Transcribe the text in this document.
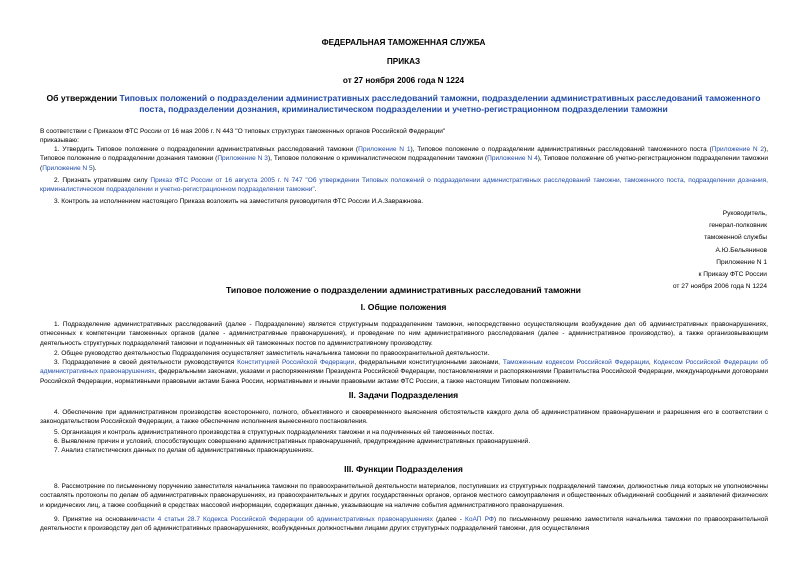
ФЕДЕРАЛЬНАЯ ТАМОЖЕННАЯ СЛУЖБА
ПРИКАЗ
от 27 ноября 2006 года N 1224
Об утверждении Типовых положений о подразделении административных расследований таможни, подразделении административных расследований таможенного поста, подразделении дознания, криминалистическом подразделении и учетно-регистрационном подразделении таможни
В соответствии с Приказом ФТС России от 16 мая 2006 г. N 443 "О типовых структурах таможенных органов Российской Федерации"
приказываю:
1. Утвердить Типовое положение о подразделении административных расследований таможни (Приложение N 1), Типовое положение о подразделении административных расследований таможенного поста (Приложение N 2), Типовое положение о подразделении дознания таможни (Приложение N 3), Типовое положение о криминалистическом подразделении таможни (Приложение N 4), Типовое положение об учетно-регистрационном подразделении таможни (Приложение N 5).
2. Признать утратившим силу Приказ ФТС России от 16 августа 2005 г. N 747 "Об утверждении Типовых положений о подразделении административных расследований таможни, таможенного поста, подразделении дознания, криминалистическом подразделении и учетно-регистрационном подразделении таможни".
3. Контроль за исполнением настоящего Приказа возложить на заместителя руководителя ФТС России И.А.Завражнова.
Руководитель,
генерал-полковник
таможенной службы
А.Ю.Бельянинов
Приложение N 1
к Приказу ФТС России
от 27 ноября 2006 года N 1224
Типовое положение о подразделении административных расследований таможни
I. Общие положения
1. Подразделение административных расследований (далее - Подразделение) является структурным подразделением таможни, непосредственно осуществляющим возбуждение дел об административных правонарушениях, отнесенных к компетенции таможенных органов (далее - административные правонарушения), и проведение по ним административного расследования (далее - административное производство), а также организовывающим деятельность структурных подразделений таможни и подчиненных ей таможенных постов по административному производству.
2. Общее руководство деятельностью Подразделения осуществляет заместитель начальника таможни по правоохранительной деятельности.
3. Подразделение в своей деятельности руководствуется Конституцией Российской Федерации, федеральными конституционными законами, Таможенным кодексом Российской Федерации, Кодексом Российской Федерации об административных правонарушениях, федеральными законами, указами и распоряжениями Президента Российской Федерации, постановлениями и распоряжениями Правительства Российской Федерации, международными договорами Российской Федерации, нормативными правовыми актами Банка России, нормативными и иными правовыми актами ФТС России, а также настоящим Типовым положением.
II. Задачи Подразделения
4. Обеспечение при административном производстве всестороннего, полного, объективного и своевременного выяснения обстоятельств каждого дела об административном правонарушении и разрешения его в соответствии с законодательством Российской Федерации, а также обеспечение исполнения вынесенного постановления.
5. Организация и контроль административного производства в структурных подразделениях таможни и на подчиненных ей таможенных постах.
6. Выявление причин и условий, способствующих совершению административных правонарушений, предупреждение административных правонарушений.
7. Анализ статистических данных по делам об административных правонарушениях.
III. Функции Подразделения
8. Рассмотрение по письменному поручению заместителя начальника таможни по правоохранительной деятельности материалов, поступивших из структурных подразделений таможни, должностные лица которых не уполномочены составлять протоколы по делам об административных правонарушениях, из правоохранительных и других государственных органов, органов местного самоуправления и общественных объединений сообщений и заявлений физических и юридических лиц, а также сообщений в средствах массовой информации, содержащих данные, указывающие на наличие события административного правонарушения.
9. Принятие на основаниичасти 4 статьи 28.7 Кодекса Российской Федерации об административных правонарушениях (далее - КоАП РФ) по письменному решению заместителя начальника таможни по правоохранительной деятельности к производству дел об административных правонарушениях, возбужденных должностными лицами других структурных подразделений таможни, для осуществления
